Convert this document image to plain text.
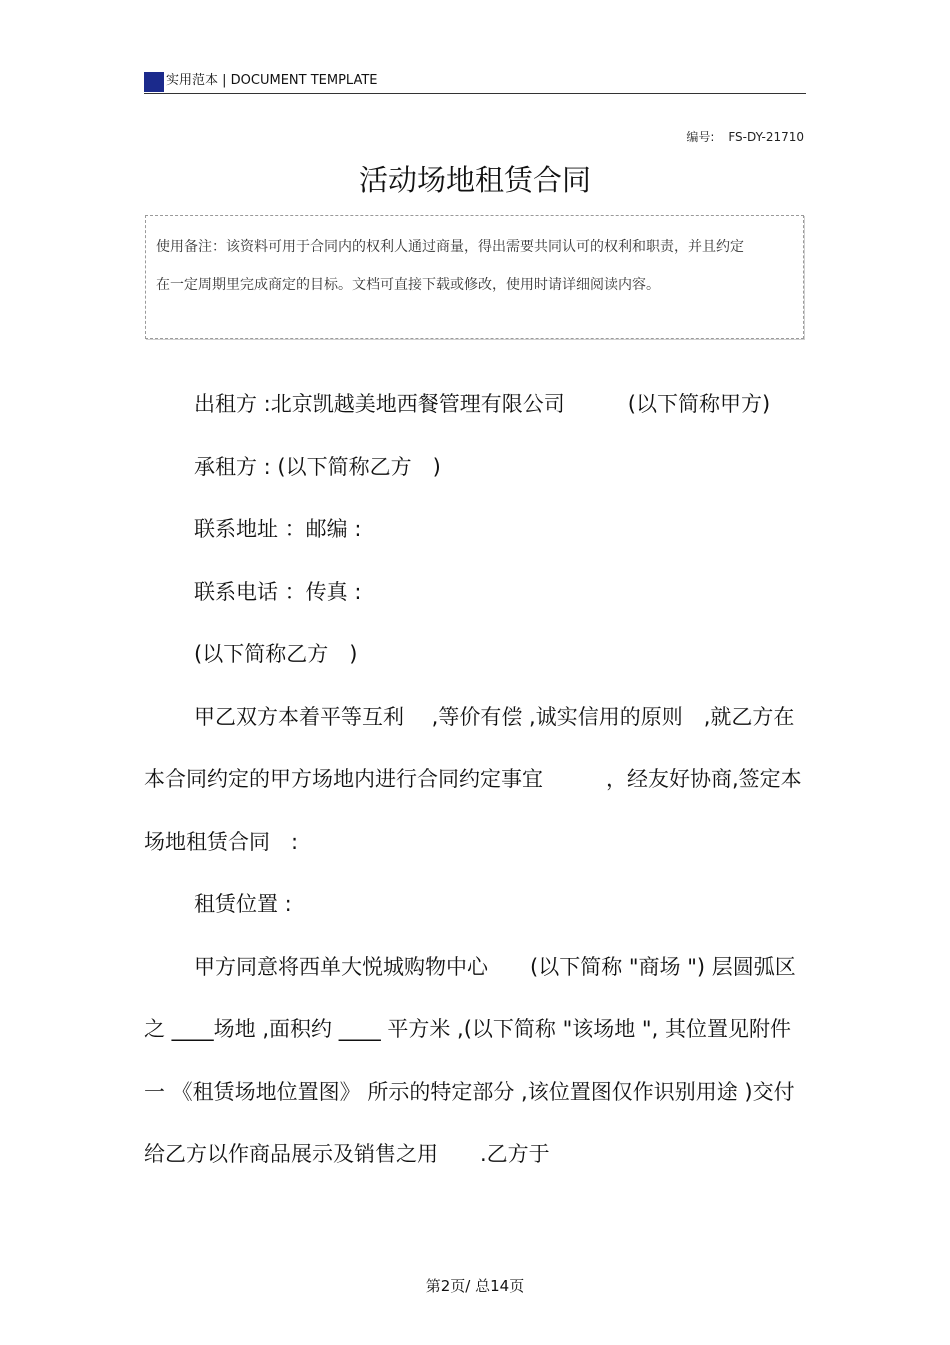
实用范本 | DOCUMENT TEMPLATE
编号: FS-DY-21710
活动场地租赁合同
使用备注：该资料可用于合同内的权利人通过商量，得出需要共同认可的权利和职责，并且约定在一定周期里完成商定的目标。文档可直接下载或修改，使用时请详细阅读内容。

出租方 :北京凯越美地西餐管理有限公司　　　(以下简称甲方)

承租方 : (以下简称乙方　)

联系地址 ：邮编 :

联系电话 ：传真 :

(以下简称乙方　)

甲乙双方本着平等互利　 ,等价有偿 ,诚实信用的原则　,就乙方在本合同约定的甲方场地内进行合同约定事宜　　　，经友好协商,签定本场地租赁合同　:

租赁位置 :

甲方同意将西单大悦城购物中心　　(以下简称 "商场 ") 层圆弧区之 ____场地 ,面积约 ____ 平方米 ,(以下简称 "该场地 ", 其位置见附件一 《租赁场地位置图》 所示的特定部分 ,该位置图仅作识别用途 )交付给乙方以作商品展示及销售之用　　.乙方于

第2页/ 总14页
